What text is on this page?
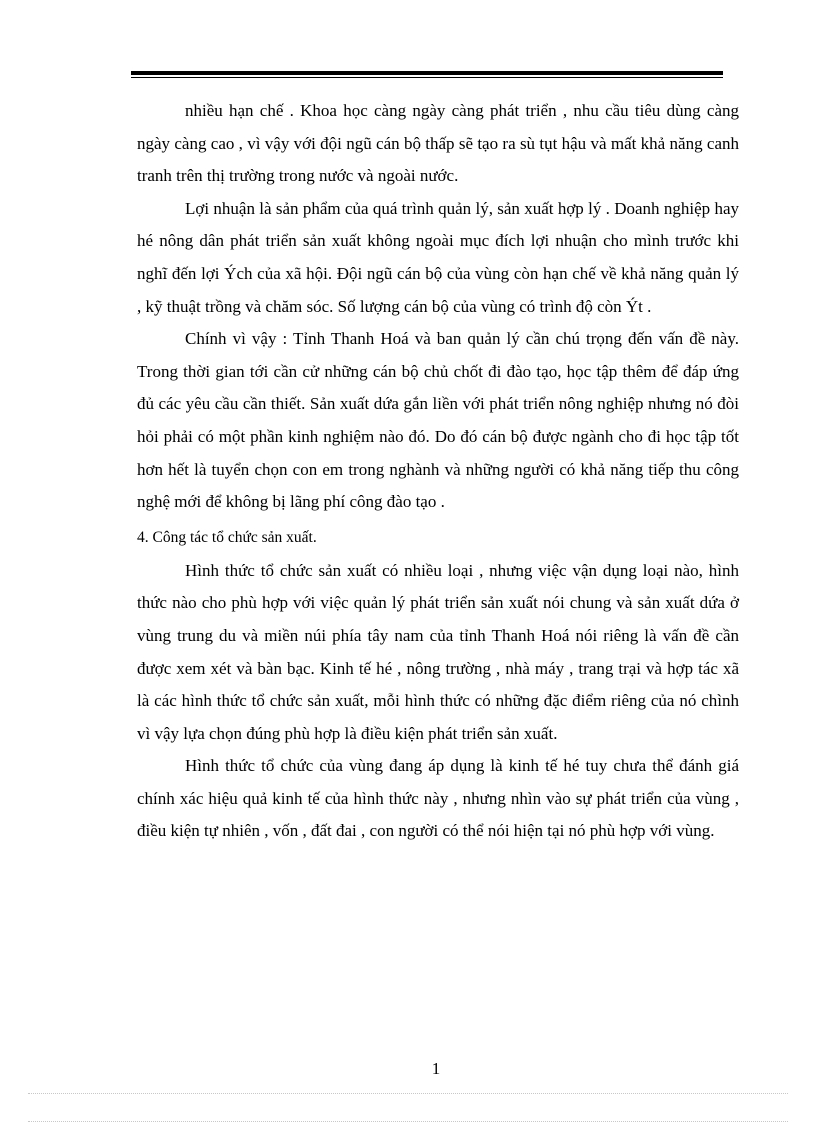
nhiều hạn chế . Khoa học càng ngày càng phát triển , nhu cầu tiêu dùng càng ngày càng cao , vì vậy với đội ngũ cán bộ thấp sẽ tạo ra sù tụt hậu và mất khả năng canh tranh trên thị trường trong nước và ngoài nước.

Lợi nhuận là sản phẩm của quá trình quản lý, sản xuất hợp lý . Doanh nghiệp hay hé nông dân phát triển sản xuất không ngoài mục đích lợi nhuận cho mình trước khi nghĩ đến lợi Ých của xã hội. Đội ngũ cán bộ của vùng còn hạn chế về khả năng quản lý , kỹ thuật trồng và chăm sóc. Số lượng cán bộ của vùng có trình độ còn Ýt .

Chính vì vậy : Tỉnh Thanh Hoá và ban quản lý cần chú trọng đến vấn đề này. Trong thời gian tới cần cử những cán bộ chủ chốt đi đào tạo, học tập thêm để đáp ứng đủ các yêu cầu cần thiết. Sản xuất dứa gắn liền với phát triển nông nghiệp nhưng nó đòi hỏi phải có một phần kinh nghiệm nào đó. Do đó cán bộ được ngành cho đi học tập tốt hơn hết là tuyển chọn con em trong nghành và những người có khả năng tiếp thu công nghệ mới để không bị lãng phí công đào tạo .

4. Công tác tổ chức sản xuất.

Hình thức tổ chức sản xuất có nhiều loại , nhưng việc vận dụng loại nào, hình thức nào cho phù hợp với việc quản lý phát triển sản xuất nói chung và sản xuất dứa ở vùng trung du và miền núi phía tây nam của tỉnh Thanh Hoá nói riêng là vấn đề cần được xem xét và bàn bạc. Kinh tế hé , nông trường , nhà máy , trang trại và hợp tác xã là các hình thức tổ chức sản xuất, mỗi hình thức có những đặc điểm riêng của nó chình vì vậy lựa chọn đúng phù hợp là điều kiện phát triển sản xuất.

Hình thức tổ chức của vùng đang áp dụng là kinh tế hé tuy chưa thể đánh giá chính xác hiệu quả kinh tế của hình thức này , nhưng nhìn vào sự phát triển của vùng , điều kiện tự nhiên , vốn , đất đai , con người có thể nói hiện tại nó phù hợp với vùng.

1
